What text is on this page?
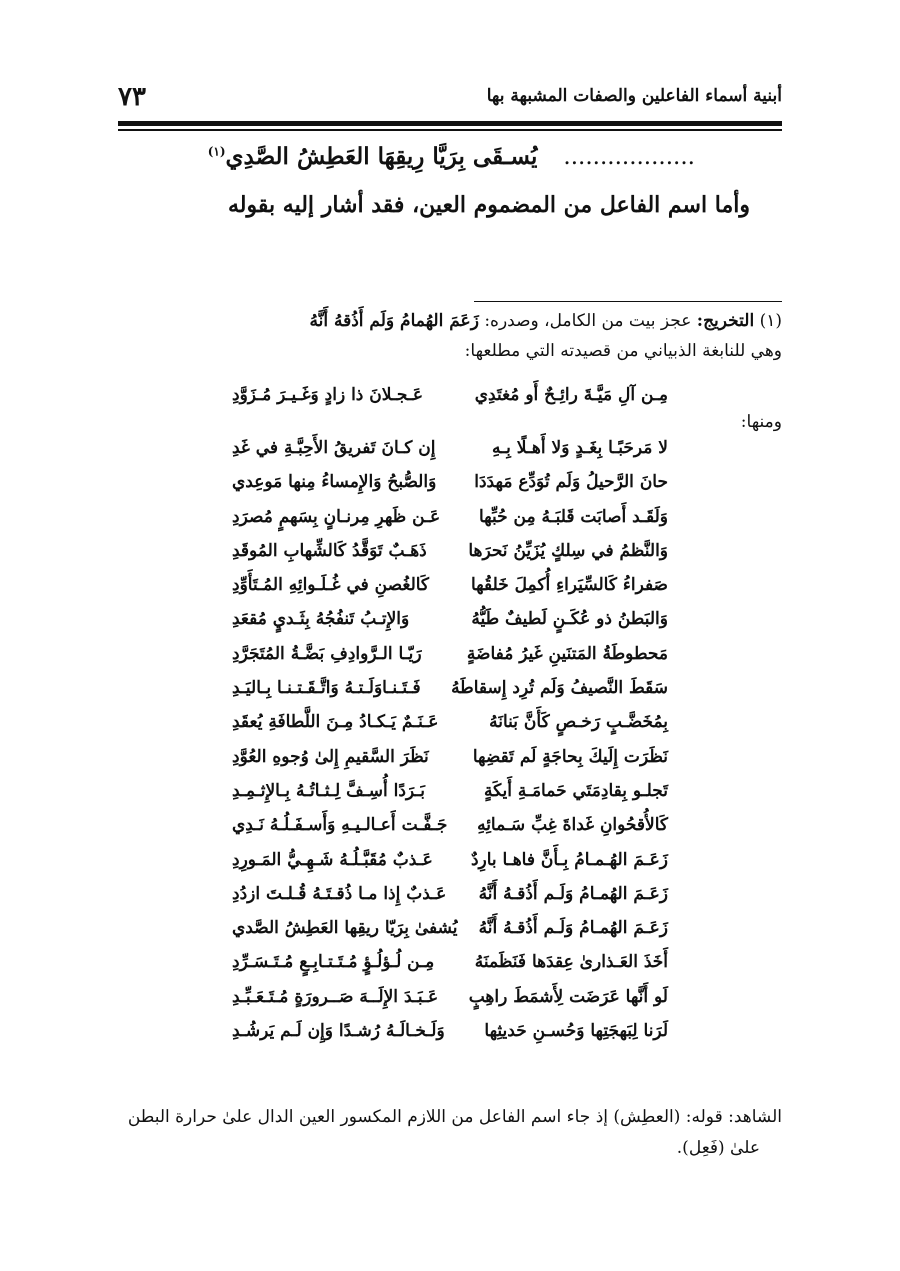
أبنية أسماء الفاعلين والصفات المشبهة بها
٧٣
.................. يُسـقَى بِرَيَّا رِيقِهَا العَطِشُ الصَّدِي$^{(١)}$
وأما اسم الفاعل من المضموم العين، فقد أشار إليه بقوله
(١) التخريج: عجز بيت من الكامل، وصدره: زَعَمَ الهُمامُ وَلَم أَذُقهُ أَنَّهُ
وهي للنابغة الذبياني من قصيدته التي مطلعها:
مِـن آلِ مَيَّـةَ رائِـحٌ أَو مُغتَدِي
عَـجـلانَ ذا زادٍ وَغَـيـرَ مُـزَوَّدِ
ومنها:
لا مَرحَبًـا بِغَـدٍ وَلا أَهـلًا بِـهِ
إِن كـانَ تَفريقُ الأَحِبَّـةِ في غَدِ
حانَ الرَّحيلُ وَلَم تُوَدِّع مَهدَدَا
وَالصُّبحُ وَالإِمساءُ مِنها مَوعِدي
وَلَقَـد أَصابَت قَلبَـهُ مِن حُبِّها
عَـن ظَهرِ مِرنـانٍ بِسَهمٍ مُصرَدِ
وَالنَّظمُ في سِلكٍ يُزَيِّنُ نَحرَها
ذَهَـبٌ تَوَقَّدُ كَالشِّهابِ المُوقَدِ
صَفراءُ كَالسِّيَراءِ أُكمِلَ خَلقُها
كَالغُصنِ في غُـلَـوائِهِ المُـتَأَوِّدِ
وَالبَطنُ ذو عُكَـنٍ لَطيفٌ طَيُّهُ
وَالإِتـبُ تَنفُجُهُ بِثَـديٍ مُقعَدِ
مَحطوطَةُ المَتنَينِ غَيرُ مُفاضَةٍ
رَيّـا الـرَّوادِفِ بَضَّـةُ المُتَجَرَّدِ
سَقَطَ النَّصيفُ وَلَم تُرِد إِسقاطَهُ
فَـتَـنـاوَلَـتـهُ وَاتَّـقَـتـنـا بِـاليَـدِ
بِمُخَضَّـبٍ رَخـصٍ كَأَنَّ بَنانَهُ
عَـنَـمٌ يَـكـادُ مِـنَ اللَّطافَةِ يُعقَدِ
نَظَرَت إِلَيكَ بِحاجَةٍ لَم تَقضِها
نَظَرَ السَّقيمِ إِلىٰ وُجوهِ العُوَّدِ
تَجلـو بِقادِمَتَي حَمامَـةِ أَيكَةٍ
بَـرَدًا أُسِـفَّ لِـثـاتُـهُ بِـالإِثـمِـدِ
كَالأُقحُوانِ غَداةَ غِبِّ سَـمائِهِ
جَـفَّـت أَعـالـيـهِ وَأَسـفَـلُـهُ نَـدِي
زَعَـمَ الهُـمـامُ بِـأَنَّ فاهـا بارِدٌ
عَـذبٌ مُقَبَّـلُـهُ شَـهِـيُّ المَـورِدِ
زَعَـمَ الهُمـامُ وَلَـم أَذُقـهُ أَنَّهُ
عَـذبٌ إِذا مـا ذُقـتَـهُ قُـلـتَ ازدُدِ
زَعَـمَ الهُمـامُ وَلَـم أَذُقـهُ أَنَّهُ
يُشفىٰ بِرَيّا ريقِها العَطِشُ الصَّدي
أَخَذَ العَـذارىٰ عِقدَها فَنَظَمنَهُ
مِـن لُـؤلُـؤٍ مُـتَـتـابِـعٍ مُـتَـسَـرِّدِ
لَو أَنَّها عَرَضَت لِأَشمَطَ راهِبٍ
عَـبَـدَ الإِلَــهَ صَــرورَةٍ مُـتَـعَـبِّـدِ
لَرَنا لِبَهجَتِها وَحُسـنِ حَديثِها
وَلَـخـالَـهُ رُشـدًا وَإِن لَـم يَرشُـدِ
الشاهد: قوله: (العطِش) إذ جاء اسم الفاعل من اللازم المكسور العين الدال علىٰ حرارة البطن
علىٰ (فَعِل).
